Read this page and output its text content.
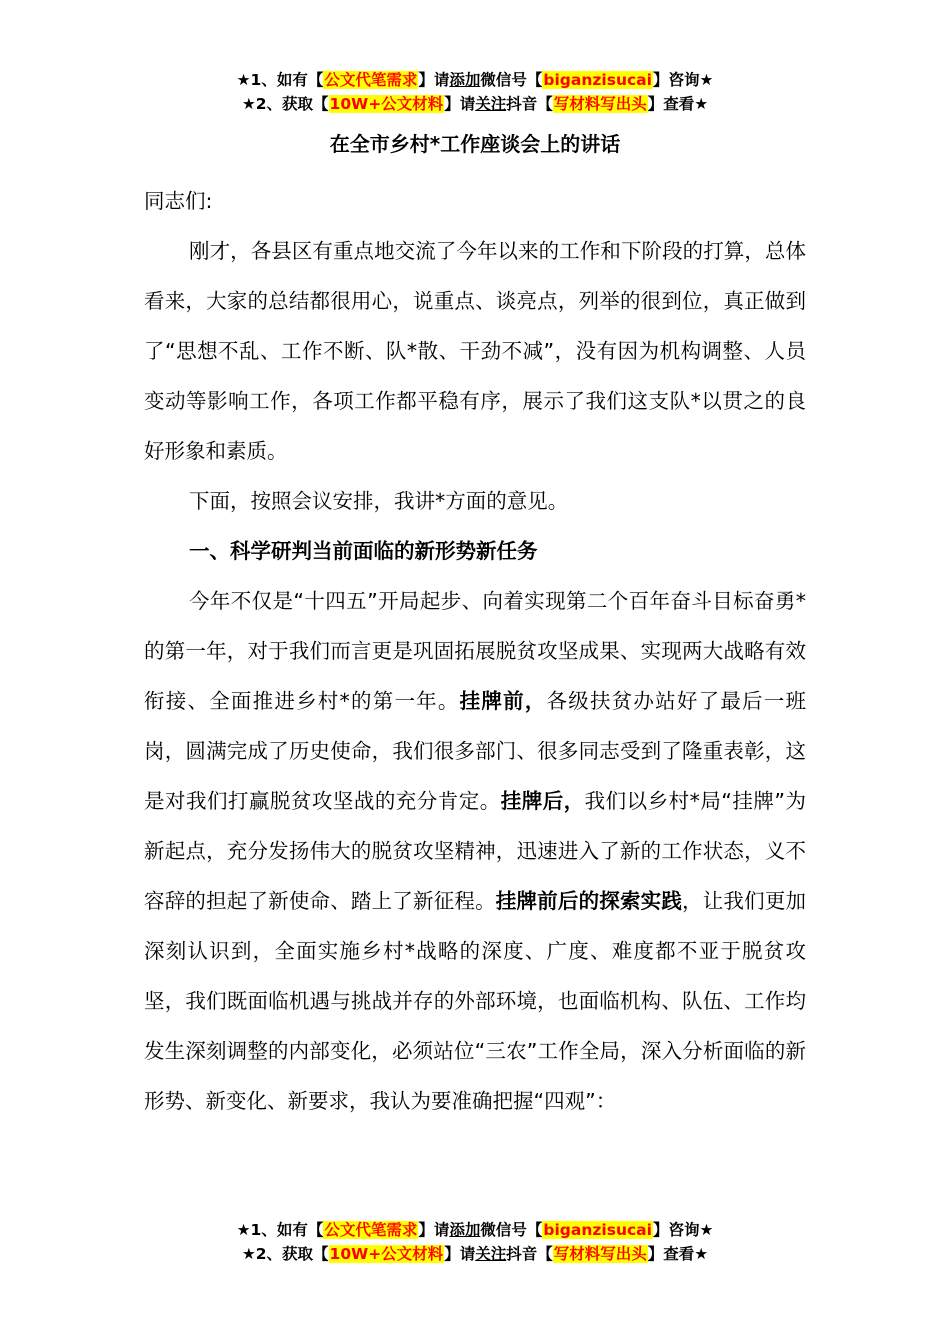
★1、如有【公文代笔需求】请添加微信号【biganzisucai】咨询★
★2、获取【10W+公文材料】请关注抖音【写材料写出头】查看★
在全市乡村*工作座谈会上的讲话

同志们:

刚才，各县区有重点地交流了今年以来的工作和下阶段的打算，总体看来，大家的总结都很用心，说重点、谈亮点，列举的很到位，真正做到了“思想不乱、工作不断、队*散、干劲不减”，没有因为机构调整、人员变动等影响工作，各项工作都平稳有序，展示了我们这支队*以贯之的良好形象和素质。

下面，按照会议安排，我讲*方面的意见。

一、科学研判当前面临的新形势新任务

今年不仅是“十四五”开局起步、向着实现第二个百年奋斗目标奋勇*的第一年，对于我们而言更是巩固拓展脱贫攻坚成果、实现两大战略有效衔接、全面推进乡村*的第一年。挂牌前，各级扶贫办站好了最后一班岗，圆满完成了历史使命，我们很多部门、很多同志受到了隆重表彰，这是对我们打赢脱贫攻坚战的充分肯定。挂牌后，我们以乡村*局“挂牌”为新起点，充分发扬伟大的脱贫攻坚精神，迅速进入了新的工作状态，义不容辞的担起了新使命、踏上了新征程。挂牌前后的探索实践，让我们更加深刻认识到，全面实施乡村*战略的深度、广度、难度都不亚于脱贫攻坚，我们既面临机遇与挑战并存的外部环境，也面临机构、队伍、工作均发生深刻调整的内部变化，必须站位“三农”工作全局，深入分析面临的新形势、新变化、新要求，我认为要准确把握“四观”：

★1、如有【公文代笔需求】请添加微信号【biganzisucai】咨询★
★2、获取【10W+公文材料】请关注抖音【写材料写出头】查看★
